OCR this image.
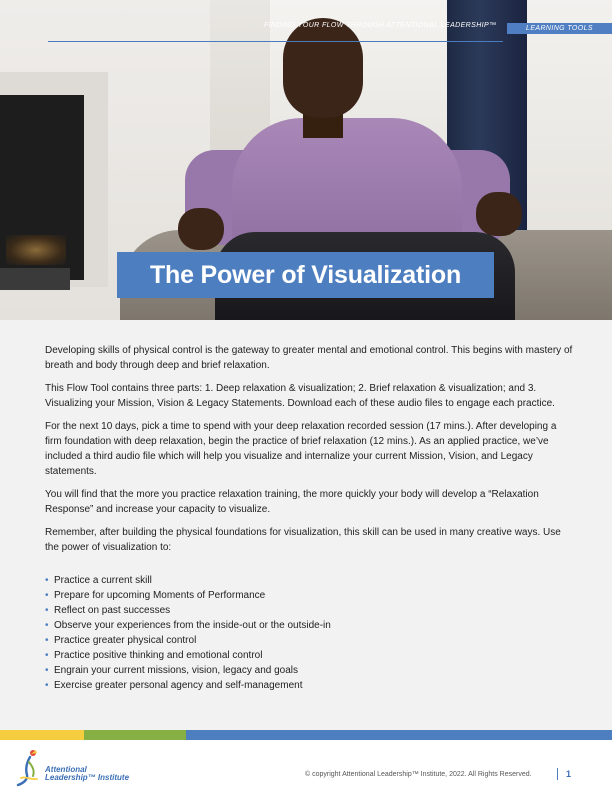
FINDING YOUR FLOW THROUGH ATTENTIONAL LEADERSHIP™	LEARNING TOOLS
The Power of Visualization

Developing skills of physical control is the gateway to greater mental and emotional control. This begins with mastery of breath and body through deep and brief relaxation.

This Flow Tool contains three parts: 1. Deep relaxation & visualization; 2. Brief relaxation & visualization; and 3. Visualizing your Mission, Vision & Legacy Statements. Download each of these audio files to engage each practice.

For the next 10 days, pick a time to spend with your deep relaxation recorded session (17 mins.). After developing a firm foundation with deep relaxation, begin the practice of brief relaxation (12 mins.). As an applied practice, we’ve included a third audio file which will help you visualize and internalize your current Mission, Vision, and Legacy statements.

You will find that the more you practice relaxation training, the more quickly your body will develop a “Relaxation Response” and increase your capacity to visualize.

Remember, after building the physical foundations for visualization, this skill can be used in many creative ways. Use the power of visualization to:

• Practice a current skill
• Prepare for upcoming Moments of Performance
• Reflect on past successes
• Observe your experiences from the inside-out or the outside-in
• Practice greater physical control
• Practice positive thinking and emotional control
• Engrain your current missions, vision, legacy and goals
• Exercise greater personal agency and self-management
Attentional
Leadership™ Institute	© copyright Attentional Leadership™ Institute, 2022. All Rights Reserved.	1
